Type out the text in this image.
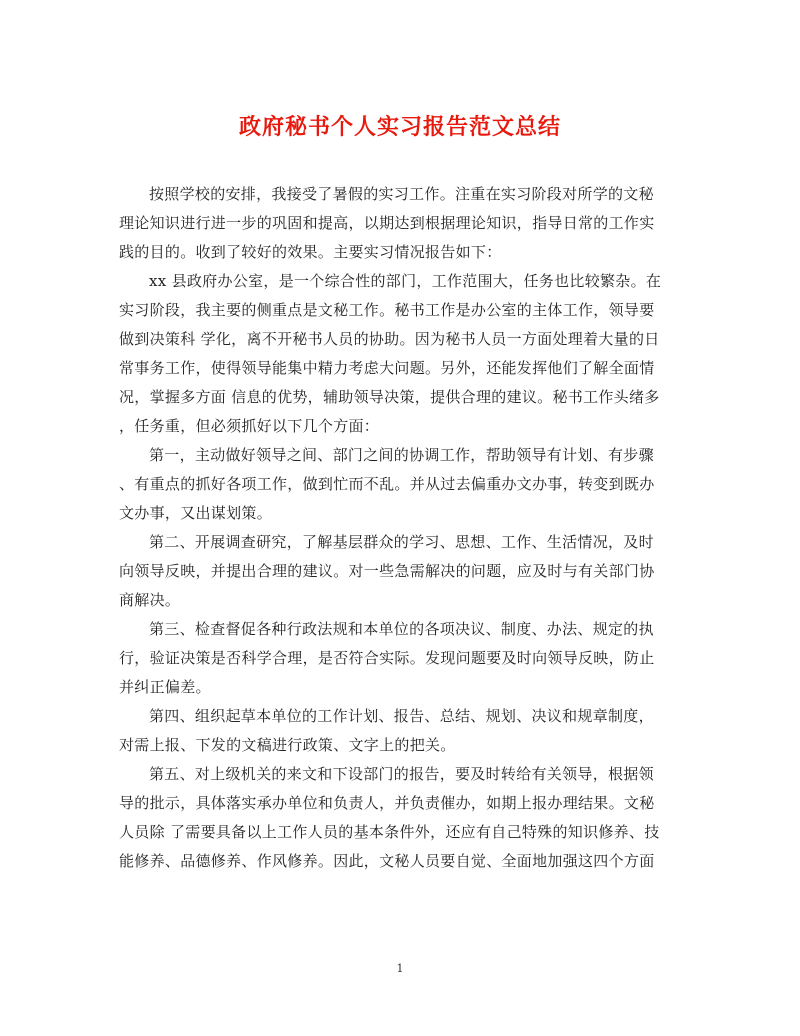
政府秘书个人实习报告范文总结
按照学校的安排，我接受了暑假的实习工作。注重在实习阶段对所学的文秘
理论知识进行进一步的巩固和提高，以期达到根据理论知识，指导日常的工作实
践的目的。收到了较好的效果。主要实习情况报告如下：
xx 县政府办公室，是一个综合性的部门，工作范围大，任务也比较繁杂。在
实习阶段，我主要的侧重点是文秘工作。秘书工作是办公室的主体工作，领导要
做到决策科 学化，离不开秘书人员的协助。因为秘书人员一方面处理着大量的日
常事务工作，使得领导能集中精力考虑大问题。另外，还能发挥他们了解全面情
况，掌握多方面 信息的优势，辅助领导决策，提供合理的建议。秘书工作头绪多
，任务重，但必须抓好以下几个方面：
第一，主动做好领导之间、部门之间的协调工作，帮助领导有计划、有步骤
、有重点的抓好各项工作，做到忙而不乱。并从过去偏重办文办事，转变到既办
文办事，又出谋划策。
第二、开展调查研究，了解基层群众的学习、思想、工作、生活情况，及时
向领导反映，并提出合理的建议。对一些急需解决的问题，应及时与有关部门协
商解决。
第三、检查督促各种行政法规和本单位的各项决议、制度、办法、规定的执
行，验证决策是否科学合理，是否符合实际。发现问题要及时向领导反映，防止
并纠正偏差。
第四、组织起草本单位的工作计划、报告、总结、规划、决议和规章制度，
对需上报、下发的文稿进行政策、文字上的把关。
第五、对上级机关的来文和下设部门的报告，要及时转给有关领导，根据领
导的批示，具体落实承办单位和负责人，并负责催办，如期上报办理结果。文秘
人员除 了需要具备以上工作人员的基本条件外，还应有自己特殊的知识修养、技
能修养、品德修养、作风修养。因此，文秘人员要自觉、全面地加强这四个方面
1
